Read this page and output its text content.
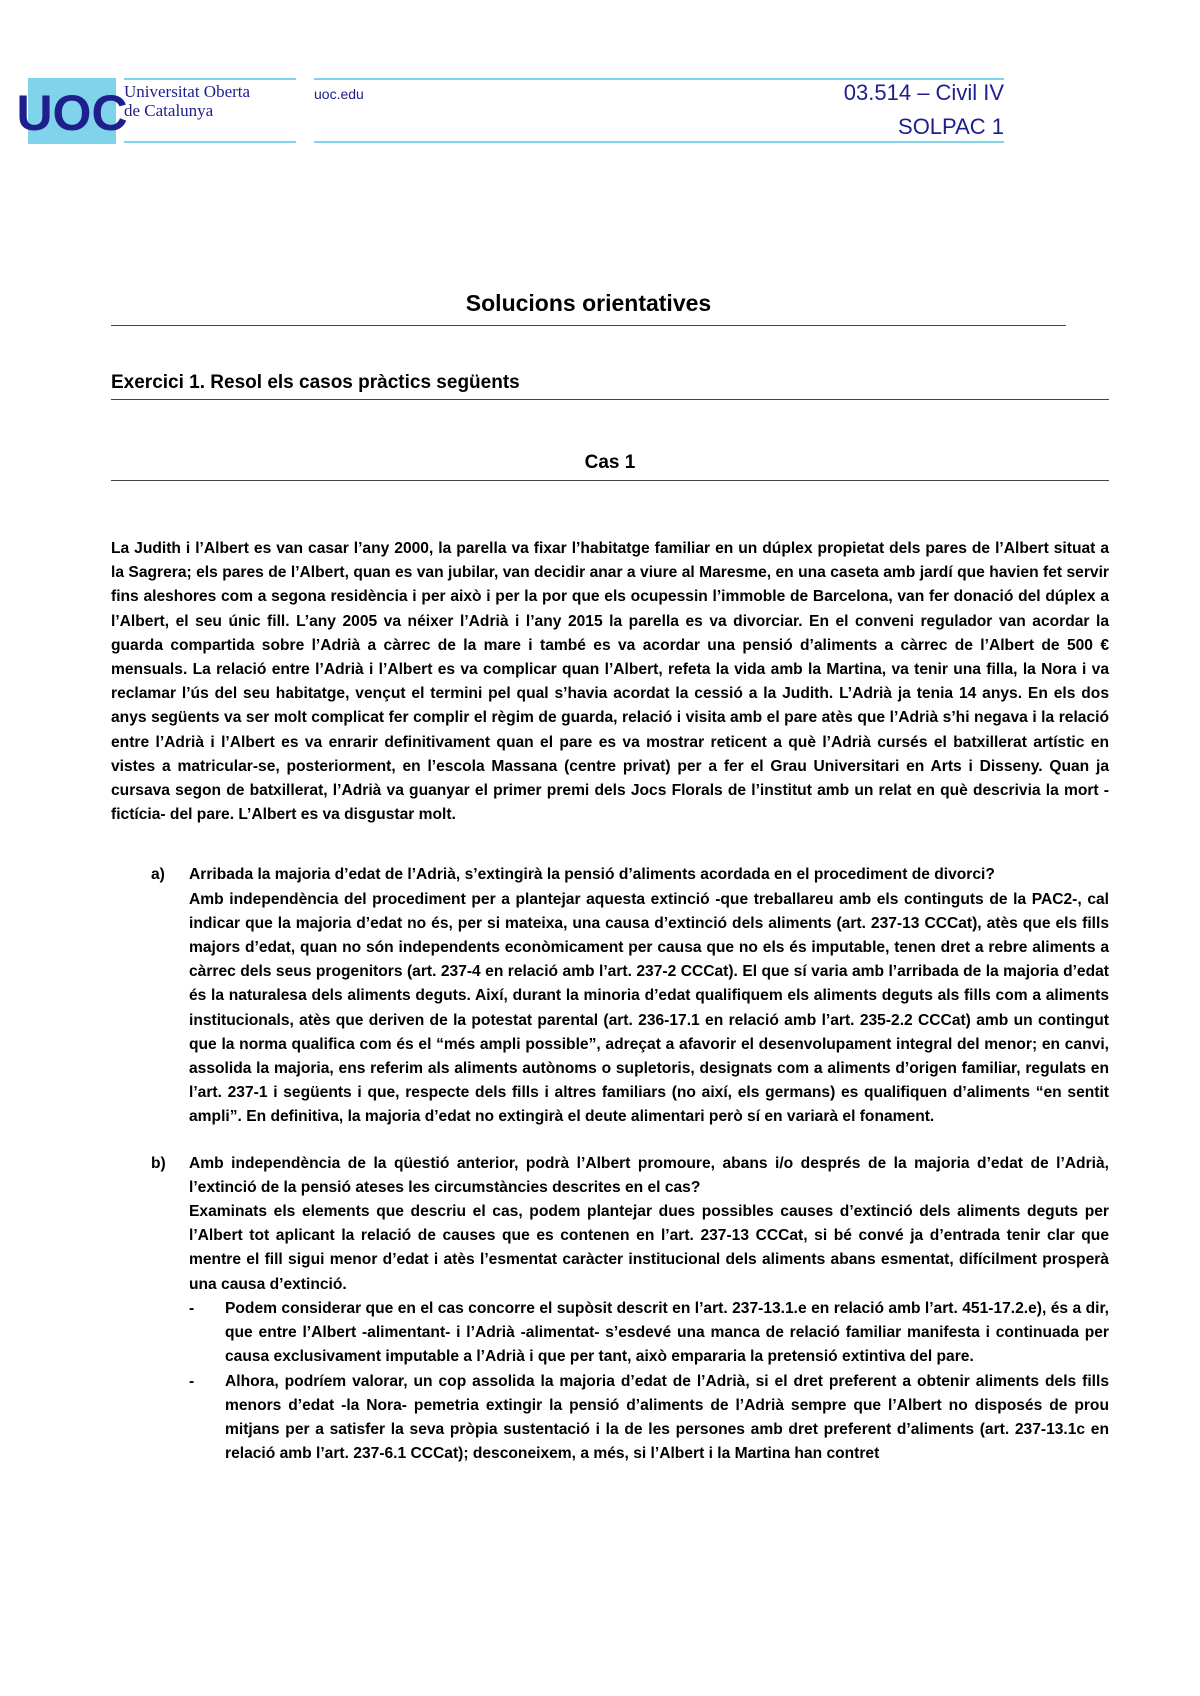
UOC
Universitat Oberta
de Catalunya
uoc.edu	03.514 – Civil IV
SOLPAC 1
Solucions orientatives
Exercici 1. Resol els casos pràctics següents
Cas 1

La Judith i l’Albert es van casar l’any 2000, la parella va fixar l’habitatge familiar en un dúplex propietat dels pares de l’Albert situat a la Sagrera; els pares de l’Albert, quan es van jubilar, van decidir anar a viure al Maresme, en una caseta amb jardí que havien fet servir fins aleshores com a segona residència i per això i per la por que els ocupessin l’immoble de Barcelona, van fer donació del dúplex a l’Albert, el seu únic fill. L’any 2005 va néixer l’Adrià i l’any 2015 la parella es va divorciar. En el conveni regulador van acordar la guarda compartida sobre l’Adrià a càrrec de la mare i també es va acordar una pensió d’aliments a càrrec de l’Albert de 500 € mensuals. La relació entre l’Adrià i l’Albert es va complicar quan l’Albert, refeta la vida amb la Martina, va tenir una filla, la Nora i va reclamar l’ús del seu habitatge, vençut el termini pel qual s’havia acordat la cessió a la Judith. L’Adrià ja tenia 14 anys. En els dos anys següents va ser molt complicat fer complir el règim de guarda, relació i visita amb el pare atès que l’Adrià s’hi negava i la relació entre l’Adrià i l’Albert es va enrarir definitivament quan el pare es va mostrar reticent a què l’Adrià cursés el batxillerat artístic en vistes a matricular-se, posteriorment, en l’escola Massana (centre privat) per a fer el Grau Universitari en Arts i Disseny. Quan ja cursava segon de batxillerat, l’Adrià va guanyar el primer premi dels Jocs Florals de l’institut amb un relat en què descrivia la mort -fictícia- del pare. L’Albert es va disgustar molt.

a) Arribada la majoria d’edat de l’Adrià, s’extingirà la pensió d’aliments acordada en el procediment de divorci?

Amb independència del procediment per a plantejar aquesta extinció -que treballareu amb els continguts de la PAC2-, cal indicar que la majoria d’edat no és, per si mateixa, una causa d’extinció dels aliments (art. 237-13 CCCat), atès que els fills majors d’edat, quan no són independents econòmicament per causa que no els és imputable, tenen dret a rebre aliments a càrrec dels seus progenitors (art. 237-4 en relació amb l’art. 237-2 CCCat). El que sí varia amb l’arribada de la majoria d’edat és la naturalesa dels aliments deguts. Així, durant la minoria d’edat qualifiquem els aliments deguts als fills com a aliments institucionals, atès que deriven de la potestat parental (art. 236-17.1 en relació amb l’art. 235-2.2 CCCat) amb un contingut que la norma qualifica com és el “més ampli possible”, adreçat a afavorir el desenvolupament integral del menor; en canvi, assolida la majoria, ens referim als aliments autònoms o supletoris, designats com a aliments d’origen familiar, regulats en l’art. 237-1 i següents i que, respecte dels fills i altres familiars (no així, els germans) es qualifiquen d’aliments “en sentit ampli”. En definitiva, la majoria d’edat no extingirà el deute alimentari però sí en variarà el fonament.

b) Amb independència de la qüestió anterior, podrà l’Albert promoure, abans i/o després de la majoria d’edat de l’Adrià, l’extinció de la pensió ateses les circumstàncies descrites en el cas?

Examinats els elements que descriu el cas, podem plantejar dues possibles causes d’extinció dels aliments deguts per l’Albert tot aplicant la relació de causes que es contenen en l’art. 237-13 CCCat, si bé convé ja d’entrada tenir clar que mentre el fill sigui menor d’edat i atès l’esmentat caràcter institucional dels aliments abans esmentat, difícilment prosperà una causa d’extinció.

- Podem considerar que en el cas concorre el supòsit descrit en l’art. 237-13.1.e en relació amb l’art. 451-17.2.e), és a dir, que entre l’Albert -alimentant- i l’Adrià -alimentat- s’esdevé una manca de relació familiar manifesta i continuada per causa exclusivament imputable a l’Adrià i que per tant, això empararia la pretensió extintiva del pare.

- Alhora, podríem valorar, un cop assolida la majoria d’edat de l’Adrià, si el dret preferent a obtenir aliments dels fills menors d’edat -la Nora- pemetria extingir la pensió d’aliments de l’Adrià sempre que l’Albert no disposés de prou mitjans per a satisfer la seva pròpia sustentació i la de les persones amb dret preferent d’aliments (art. 237-13.1c en relació amb l’art. 237-6.1 CCCat); desconeixem, a més, si l’Albert i la Martina han contret
